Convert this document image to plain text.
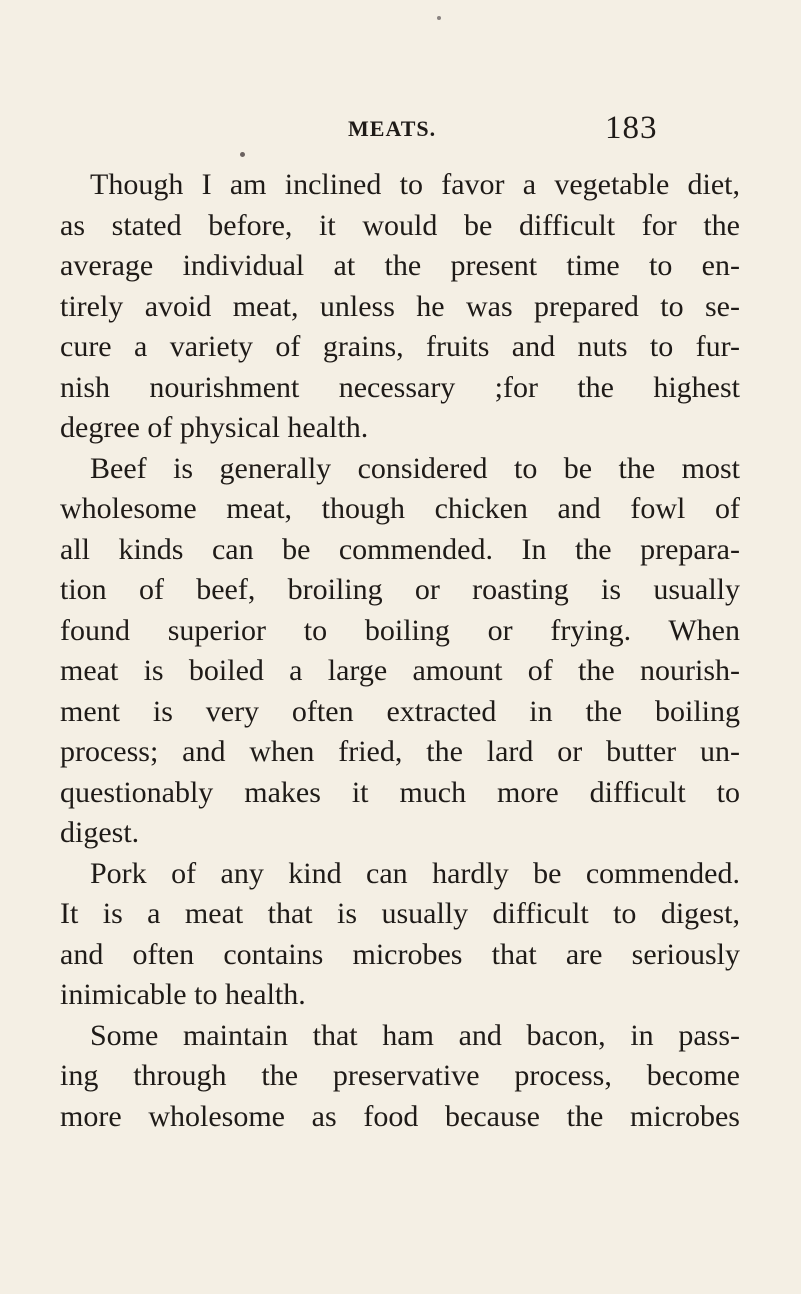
MEATS.	183
Though I am inclined to favor a vegetable diet,
as stated before, it would be difficult for the
average individual at the present time to en-
tirely avoid meat, unless he was prepared to se-
cure a variety of grains, fruits and nuts to fur-
nish nourishment necessary ;for the highest
degree of physical health.
Beef is generally considered to be the most
wholesome meat, though chicken and fowl of
all kinds can be commended. In the prepara-
tion of beef, broiling or roasting is usually
found superior to boiling or frying. When
meat is boiled a large amount of the nourish-
ment is very often extracted in the boiling
process; and when fried, the lard or butter un-
questionably makes it much more difficult to
digest.
Pork of any kind can hardly be commended.
It is a meat that is usually difficult to digest,
and often contains microbes that are seriously
inimicable to health.
Some maintain that ham and bacon, in pass-
ing through the preservative process, become
more wholesome as food because the microbes
